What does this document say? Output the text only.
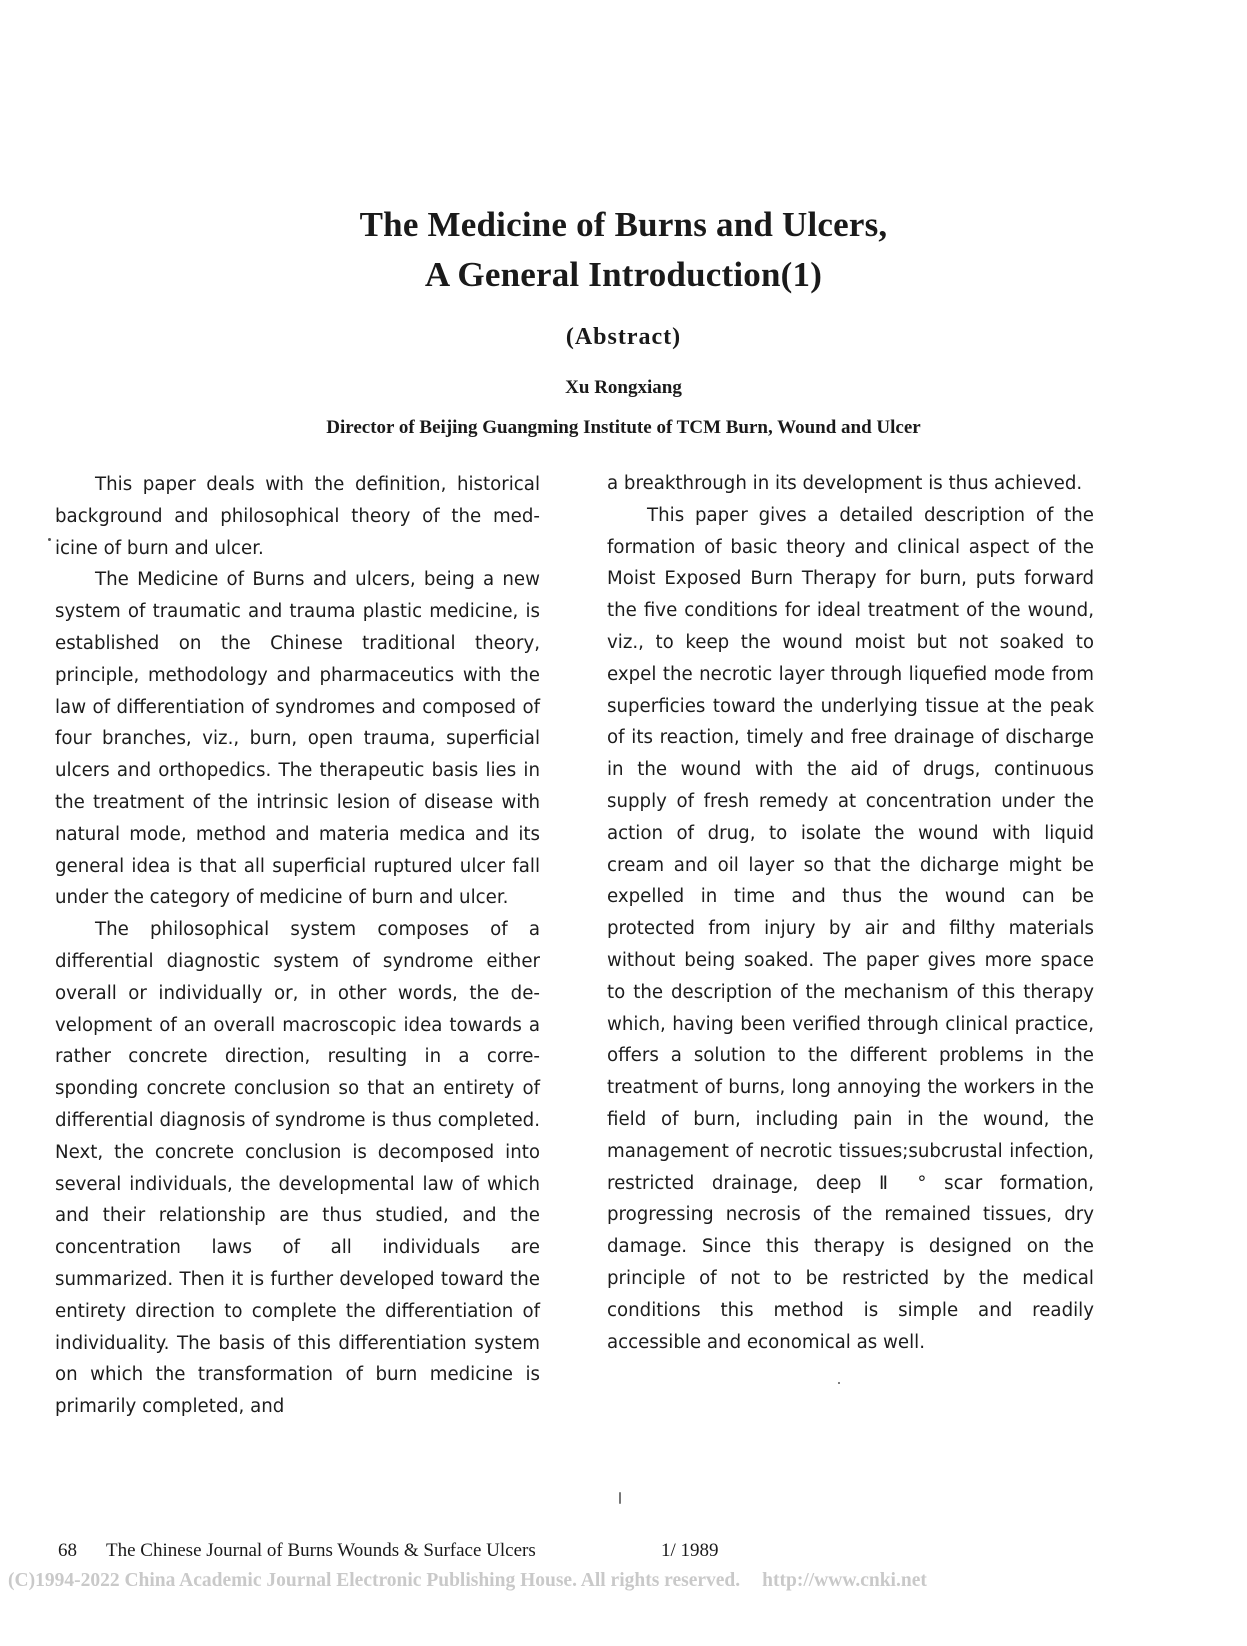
The Medicine of Burns and Ulcers,
A General Introduction(1)
(Abstract)
Xu Rongxiang
Director of Beijing Guangming Institute of TCM Burn, Wound and Ulcer

This paper deals with the definition, historical background and philosophical theory of the medicine of burn and ulcer.

The Medicine of Burns and ulcers, being a new system of traumatic and trauma plastic medicine, is established on the Chinese traditional theory, principle, methodology and pharmaceutics with the law of differentiation of syndromes and composed of four branches, viz., burn, open trauma, superficial ulcers and orthopedics. The therapeutic basis lies in the treatment of the intrinsic lesion of disease with natural mode, method and materia medica and its general idea is that all superficial ruptured ulcer fall under the category of medicine of burn and ulcer.

The philosophical system composes of a differential diagnostic system of syndrome either overall or individually or, in other words, the development of an overall macroscopic idea towards a rather concrete direction, resulting in a corresponding concrete conclusion so that an entirety of differential diagnosis of syndrome is thus completed. Next, the concrete conclusion is decomposed into several individuals, the developmental law of which and their relationship are thus studied, and the concentration laws of all individuals are summarized. Then it is further developed toward the entirety direction to complete the differentiation of individuality. The basis of this differentiation system on which the transformation of burn medicine is primarily completed, and

a breakthrough in its development is thus achieved.

This paper gives a detailed description of the formation of basic theory and clinical aspect of the Moist Exposed Burn Therapy for burn, puts forward the five conditions for ideal treatment of the wound, viz., to keep the wound moist but not soaked to expel the necrotic layer through liquefied mode from superficies toward the underlying tissue at the peak of its reaction, timely and free drainage of discharge in the wound with the aid of drugs, continuous supply of fresh remedy at concentration under the action of drug, to isolate the wound with liquid cream and oil layer so that the dicharge might be expelled in time and thus the wound can be protected from injury by air and filthy materials without being soaked. The paper gives more space to the description of the mechanism of this therapy which, having been verified through clinical practice, offers a solution to the different problems in the treatment of burns, long annoying the workers in the field of burn, including pain in the wound, the management of necrotic tissues;subcrustal infection, restricted drainage, deep Ⅱ ° scar formation, progressing necrosis of the remained tissues, dry damage. Since this therapy is designed on the principle of not to be restricted by the medical conditions this method is simple and readily accessible and economical as well.

68 The Chinese Journal of Burns Wounds & Surface Ulcers	1/ 1989
(C)1994-2022 China Academic Journal Electronic Publishing House. All rights reserved. http://www.cnki.net
